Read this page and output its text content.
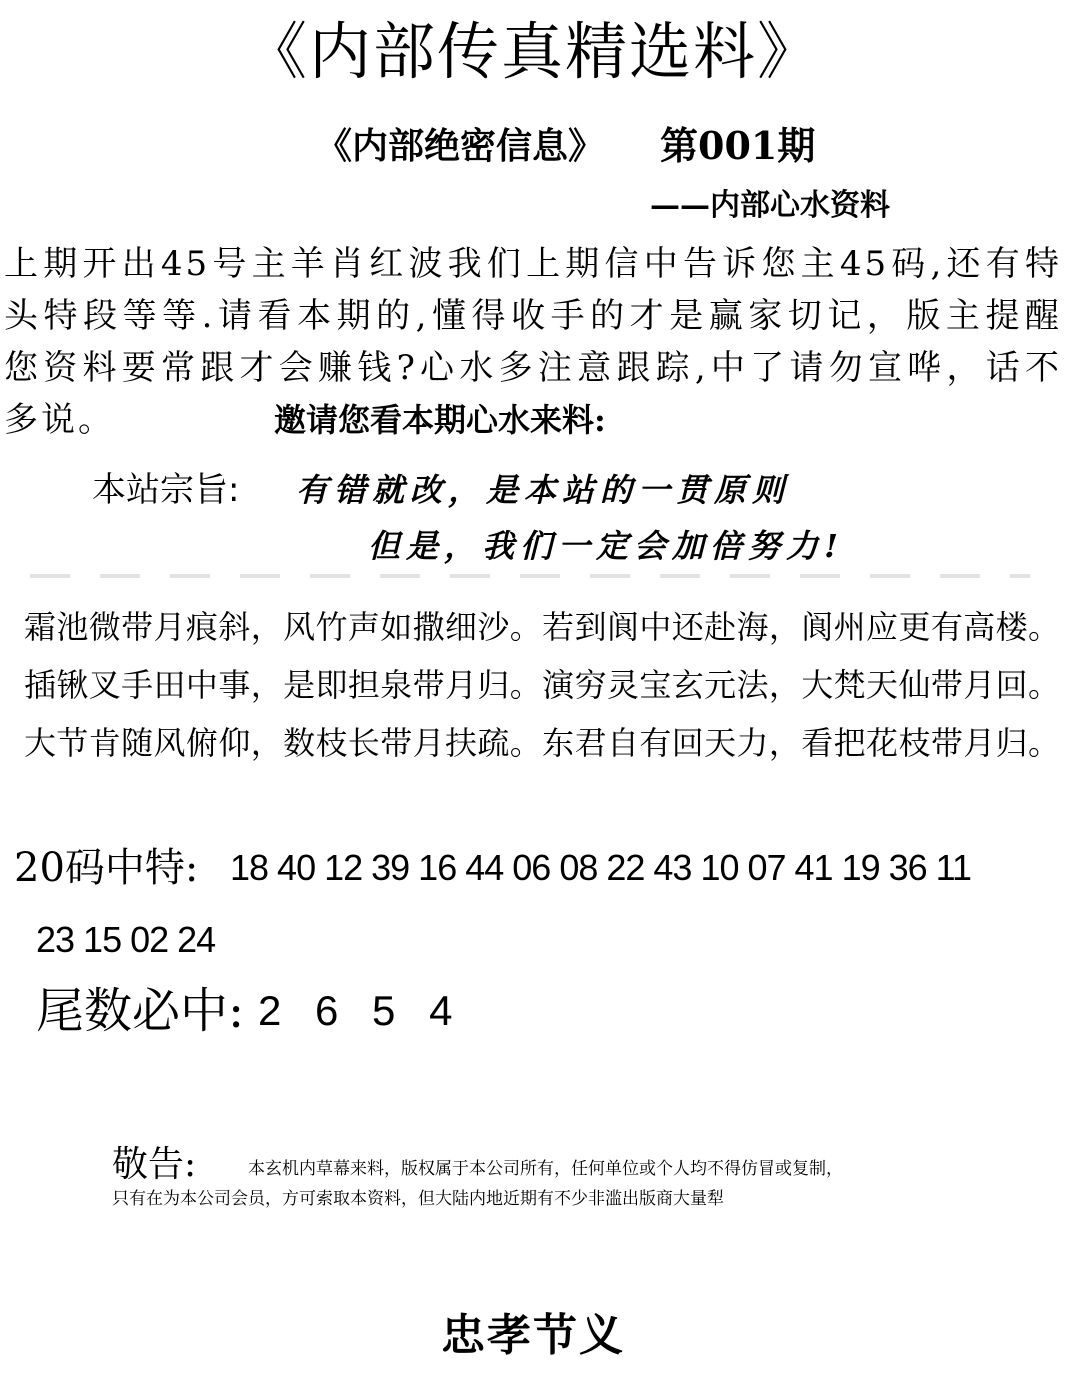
《内部传真精选料》
《内部绝密信息》 第001期
——内部心水资料
上期开出45号主羊肖红波我们上期信中告诉您主45码,还有特
头特段等等.请看本期的,懂得收手的才是赢家切记，版主提醒
您资料要常跟才会赚钱?心水多注意跟踪,中了请勿宣哗，话不
多说。	邀请您看本期心水来料:
本站宗旨: 有错就改，是本站的一贯原则
但是，我们一定会加倍努力!
霜池微带月痕斜，风竹声如撒细沙。若到阆中还赴海，阆州应更有高楼。
插锹叉手田中事，是即担泉带月归。演穷灵宝玄元法，大梵天仙带月回。
大节肯随风俯仰，数枝长带月扶疏。东君自有回天力，看把花枝带月归。
20码中特: 18 40 12 39 16 44 06 08 22 43 10 07 41 19 36 11
23 15 02 24
尾数必中: 2 6 5 4
敬告:	本玄机内草幕来料，版权属于本公司所有，任何单位或个人均不得仿冒或复制，
只有在为本公司会员，方可索取本资料，但大陆内地近期有不少非滥出版商大量犁
忠孝节义
